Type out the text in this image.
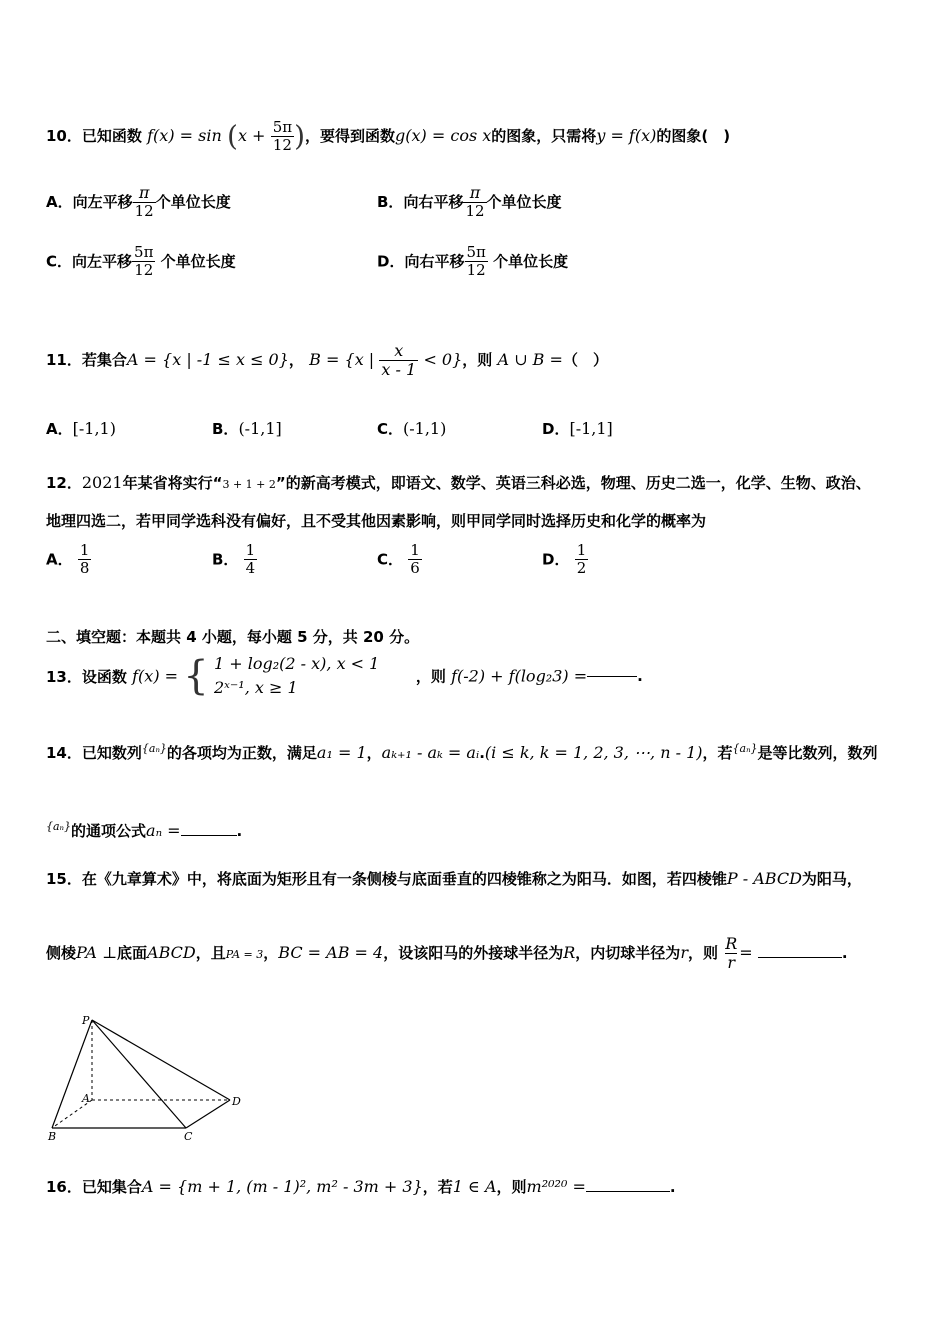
10．已知函数 $f(x) = \sin (x + \frac{5\pi}{12}$ )，要得到函数g(x) = cos x的图象，只需将y = f(x)的图象(　)
A．向左平移 $\frac{\pi}{12}$ 个单位长度	B．向右平移 $\frac{\pi}{12}$ 个单位长度
C．向左平移 $\frac{5\pi}{12}$ 个单位长度	D．向右平移 $\frac{5\pi}{12}$ 个单位长度
11．若集合A = {x | -1 ≤ x ≤ 0}， B = {x | $\frac{x}{x - 1} < 0$}，则 A ∪ B =（　）
A．[-1,1)	B．(-1,1]	C．(-1,1)	D．[-1,1]
12．2021年某省将实行“3 + 1 + 2”的新高考模式，即语文、数学、英语三科必选，物理、历史二选一，化学、生物、政治、
地理四选二，若甲同学选科没有偏好，且不受其他因素影响，则甲同学同时选择历史和化学的概率为
A． $\frac{1}{8}$	B． $\frac{1}{4}$	C． $\frac{1}{6}$	D． $\frac{1}{2}$
二、填空题：本题共 4 小题，每小题 5 分，共 20 分。
13．设函数 f(x) = { 1 + log₂(2 - x), x < 1
2ˣ⁻¹, x ≥ 1
，则 f(-2) + f(log₂3) =	.
14．已知数列$^{\{a_n\}}$的各项均为正数，满足a₁ = 1，aₖ₊₁ - aₖ = aᵢ.(i ≤ k, k = 1, 2, 3, ⋯, n - 1)，若$^{\{a_n\}}$是等比数列，数列
$^{\{a_n\}}$的通项公式aₙ =	.
15．在《九章算术》中，将底面为矩形且有一条侧棱与底面垂直的四棱锥称之为阳马．如图，若四棱锥P - ABCD为阳马，
侧棱PA ⊥底面ABCD，且PA = 3，BC = AB = 4，设该阳马的外接球半径为R，内切球半径为r，则 $\frac{R}{r}$ =	.
P
A
B	C
D
16．已知集合A = {m + 1, (m - 1)², m² - 3m + 3}，若1 ∈ A，则m²⁰²⁰ =	.
